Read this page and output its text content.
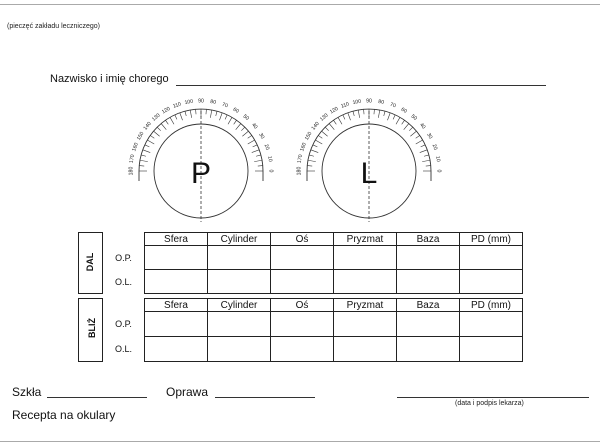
(pieczęć zakładu leczniczego)
Nazwisko i imię chorego
180
170
160
150
140
130
120
110 100 90 80 70
60
50
40
30
20
10
0
P	180
170
160
150
140
130
120
110 100 90 80 70
60
50
40
30
20
10
0
L
DAL
BLIŻ
		Sfera	Cylinder	Oś	Pryzmat	Baza	PD (mm)
	O.P.						
	O.L.						
		Sfera	Cylinder	Oś	Pryzmat	Baza	PD (mm)
	O.P.						
	O.L.						
Szkła	Oprawa
(data i podpis lekarza)
Recepta na okulary
